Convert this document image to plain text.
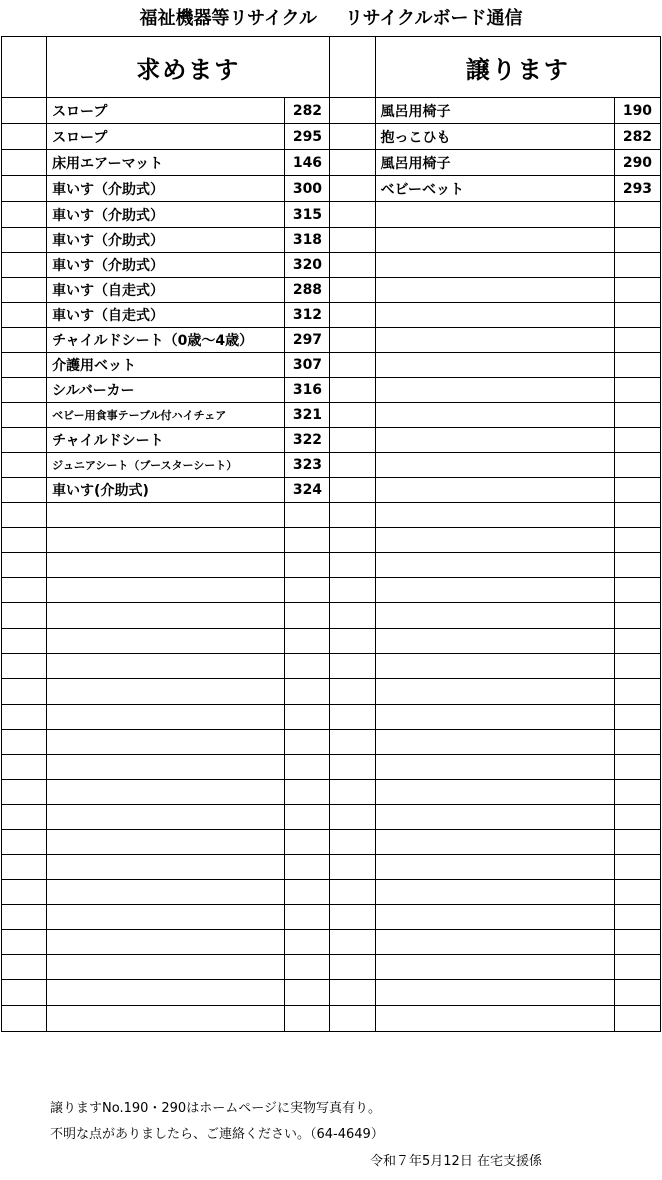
福祉機器等リサイクル リサイクルボード通信
	求めます			譲ります	
	スロープ	282		風呂用椅子	190
	スロープ	295		抱っこひも	282
	床用エアーマット	146		風呂用椅子	290
	車いす（介助式）	300		ベビーベット	293
	車いす（介助式）	315			
	車いす（介助式）	318			
	車いす（介助式）	320			
	車いす（自走式）	288			
	車いす（自走式）	312			
	チャイルドシート（0歳～4歳）	297			
	介護用ベット	307			
	シルバーカー	316			
	ベビー用食事テーブル付ハイチェア	321			
	チャイルドシート	322			
	ジュニアシート（ブースターシート）	323			
	車いす(介助式)	324			

譲りますNo.190・290はホームページに実物写真有り。
不明な点がありましたら、ご連絡ください。（64-4649）
令和７年5月12日 在宅支援係
